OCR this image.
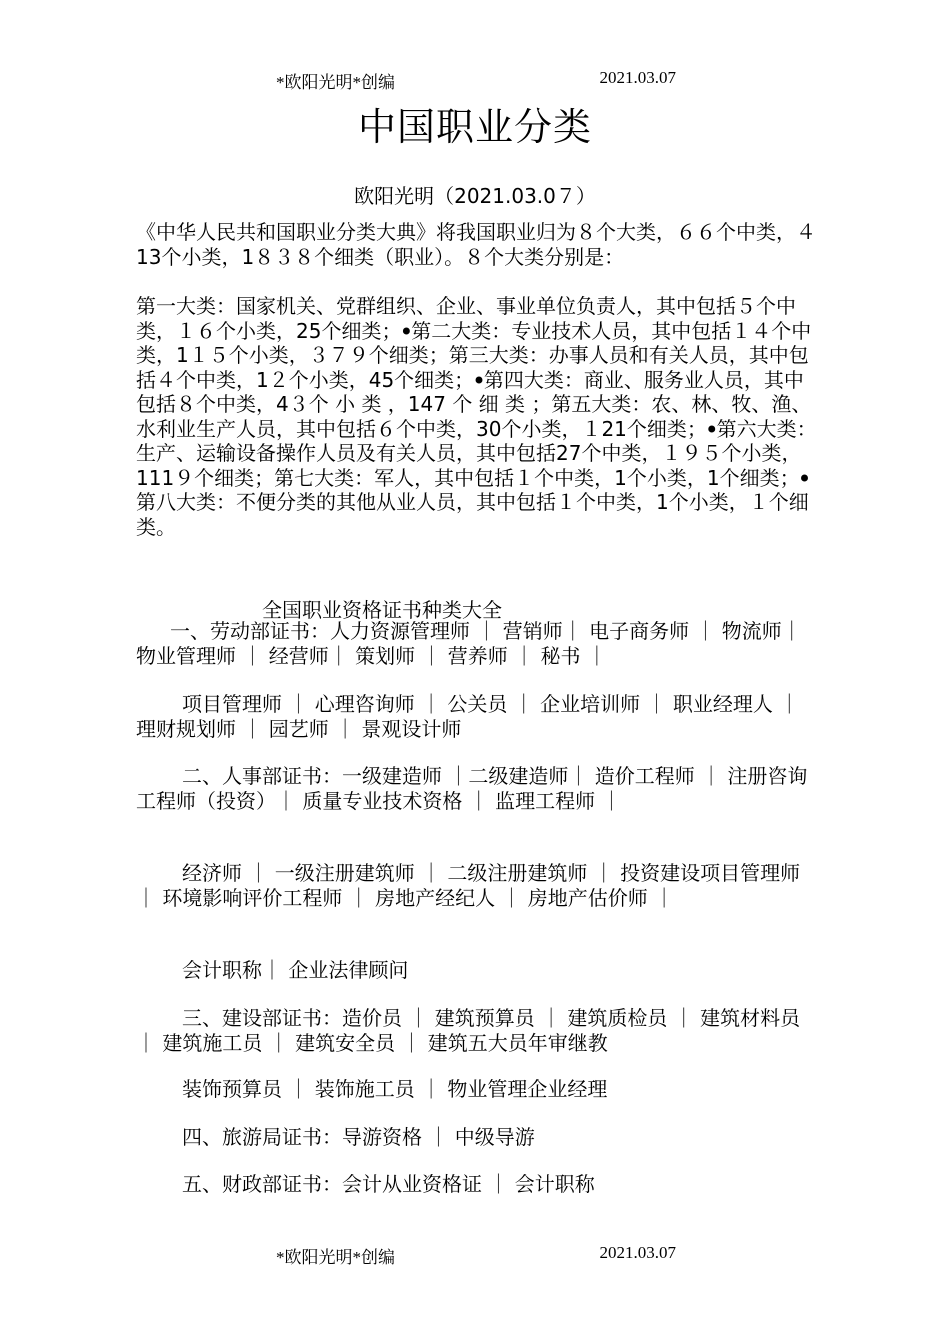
*欧阳光明*创编	2021.03.07
中国职业分类
欧阳光明（2021.03.0７）

《中华人民共和国职业分类大典》将我国职业归为８个大类，６６个中类，４13个小类，1８３８个细类（职业）。８个大类分别是：

第一大类：国家机关、党群组织、企业、事业单位负责人，其中包括５个中类，１６个小类，25个细类；ꔷ第二大类：专业技术人员，其中包括１４个中类，1１５个小类，３７９个细类；第三大类：办事人员和有关人员，其中包括４个中类，1２个小类，45个细类；ꔷ第四大类：商业、服务业人员，其中包括８个中类，4３个 小 类 ，147 个 细 类 ；第五大类：农、林、牧、渔、水利业生产人员，其中包括６个中类，30个小类，１21个细类；ꔷ第六大类：生产、运输设备操作人员及有关人员，其中包括27个中类，１９５个小类，111９个细类；第七大类：军人，其中包括１个中类，1个小类，1个细类；ꔷ第八大类：不便分类的其他从业人员，其中包括１个中类，1个小类，１个细类。

全国职业资格证书种类大全

一、劳动部证书：人力资源管理师 ｜ 营销师｜ 电子商务师 ｜ 物流师｜ 物业管理师 ｜ 经营师｜ 策划师 ｜ 营养师 ｜ 秘书 ｜

项目管理师 ｜ 心理咨询师 ｜ 公关员 ｜ 企业培训师 ｜ 职业经理人 ｜ 理财规划师 ｜ 园艺师 ｜ 景观设计师

二、人事部证书：一级建造师 ｜二级建造师｜ 造价工程师 ｜ 注册咨询工程师（投资）｜ 质量专业技术资格 ｜ 监理工程师 ｜

经济师 ｜ 一级注册建筑师 ｜ 二级注册建筑师 ｜ 投资建设项目管理师 ｜ 环境影响评价工程师 ｜ 房地产经纪人 ｜ 房地产估价师 ｜

会计职称｜ 企业法律顾问

三、建设部证书：造价员 ｜ 建筑预算员 ｜ 建筑质检员 ｜ 建筑材料员 ｜ 建筑施工员 ｜ 建筑安全员 ｜ 建筑五大员年审继教

装饰预算员 ｜ 装饰施工员 ｜ 物业管理企业经理

四、旅游局证书：导游资格 ｜ 中级导游

五、财政部证书：会计从业资格证 ｜ 会计职称

*欧阳光明*创编	2021.03.07
